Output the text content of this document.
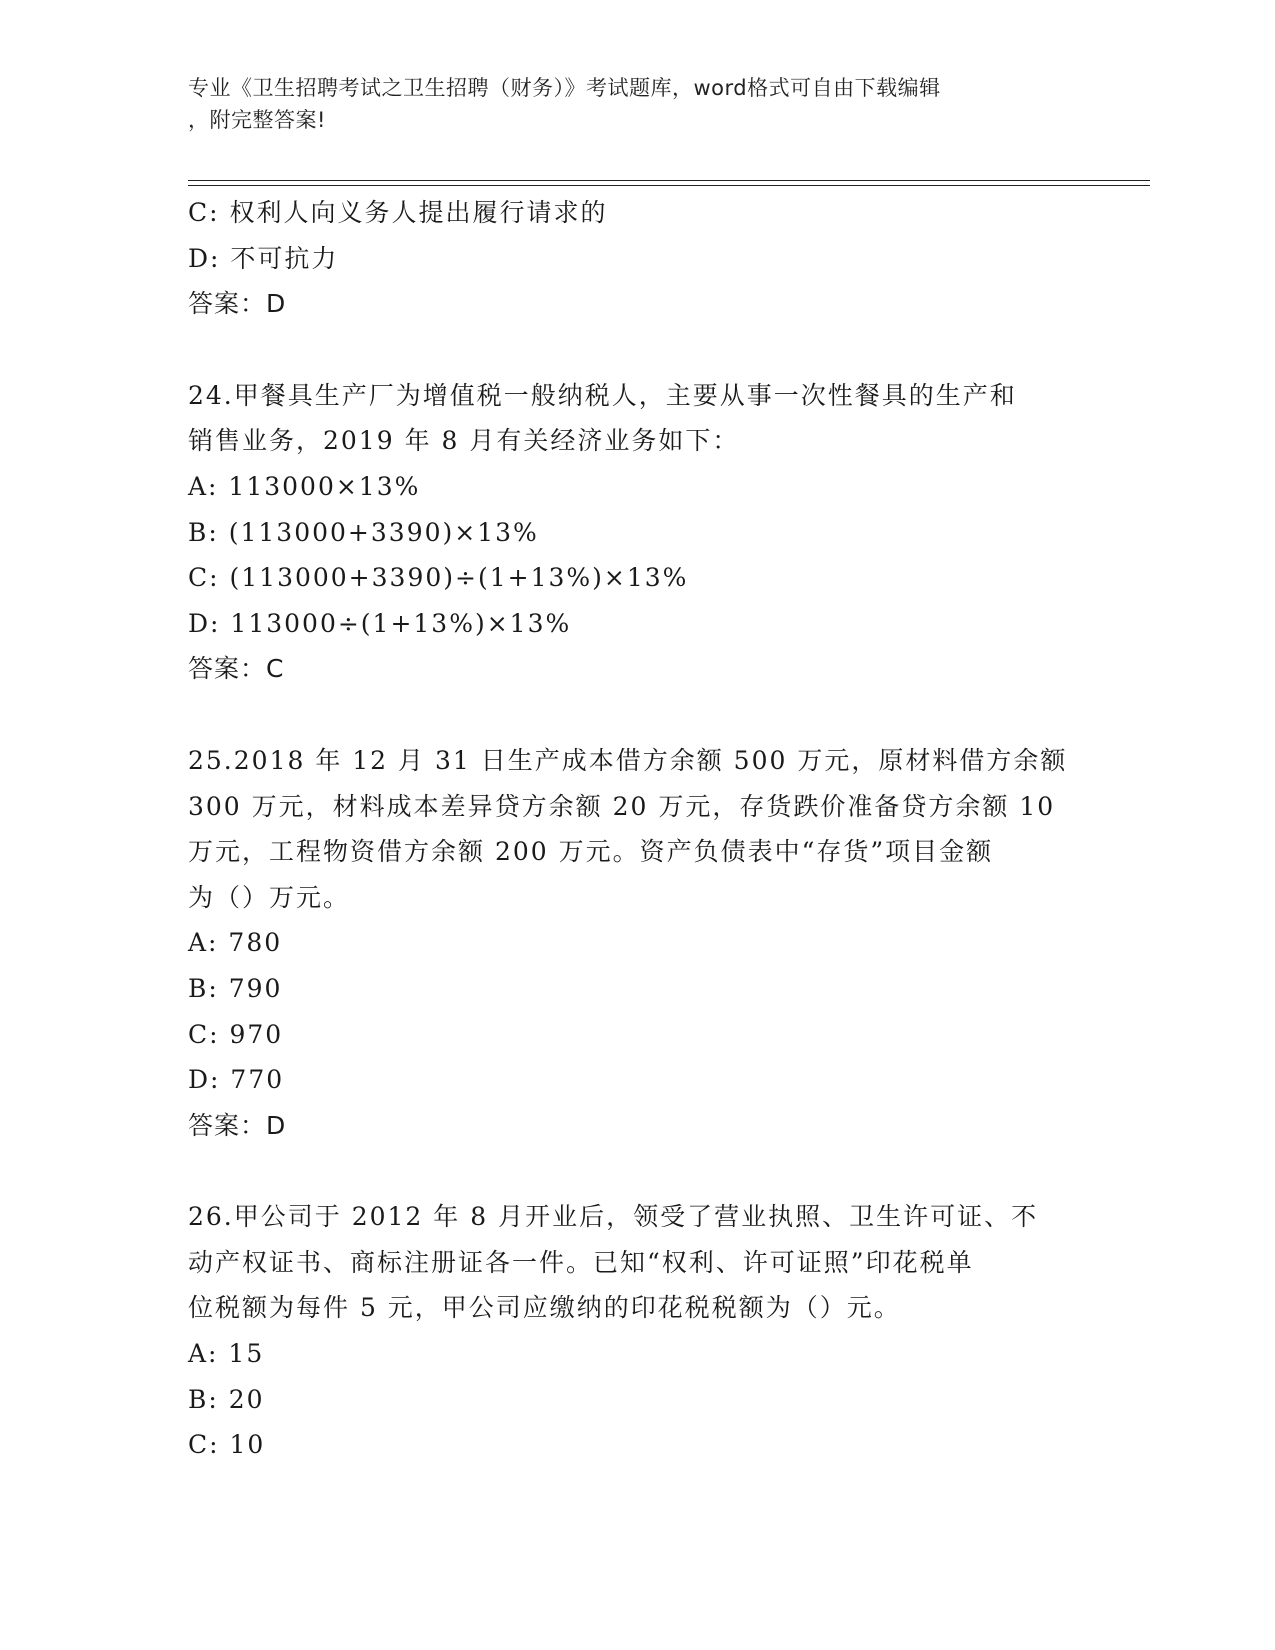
专业《卫生招聘考试之卫生招聘（财务）》考试题库，word格式可自由下载编辑
，附完整答案!
C: 权利人向义务人提出履行请求的
D: 不可抗力
答案：D
24.甲餐具生产厂为增值税一般纳税人，主要从事一次性餐具的生产和
销售业务，2019 年 8 月有关经济业务如下：
A: 113000×13%
B: (113000+3390)×13%
C: (113000+3390)÷(1+13%)×13%
D: 113000÷(1+13%)×13%
答案：C
25.2018 年 12 月 31 日生产成本借方余额 500 万元，原材料借方余额
300 万元，材料成本差异贷方余额 20 万元，存货跌价准备贷方余额 10
万元，工程物资借方余额 200 万元。资产负债表中“存货”项目金额
为（）万元。
A: 780
B: 790
C: 970
D: 770
答案：D
26.甲公司于 2012 年 8 月开业后，领受了营业执照、卫生许可证、不
动产权证书、商标注册证各一件。已知“权利、许可证照”印花税单
位税额为每件 5 元，甲公司应缴纳的印花税税额为（）元。
A: 15
B: 20
C: 10
